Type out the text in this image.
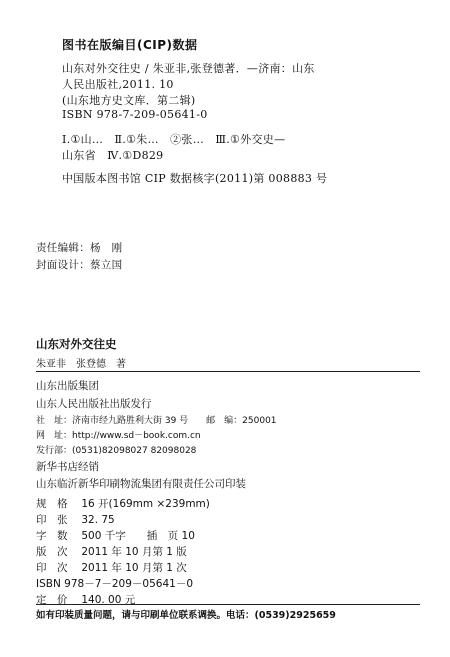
图书在版编目(CIP)数据
山东对外交往史 / 朱亚非,张登德著．—济南：山东
人民出版社,2011. 10
(山东地方史文库．第二辑)
ISBN 978-7-209-05641-0
Ⅰ.①山…　Ⅱ.①朱…　②张…　Ⅲ.①外交史—
山东省　Ⅳ.①D829
中国版本图书馆 CIP 数据核字(2011)第 008883 号
责任编辑：杨　刚
封面设计：蔡立国
山东对外交往史
朱亚非　张登德　著
山东出版集团
山东人民出版社出版发行
社　址：济南市经九路胜利大街 39 号　　邮　编：250001
网　址：http://www.sd－book.com.cn
发行部：(0531)82098027 82098028
新华书店经销
山东临沂新华印刷物流集团有限责任公司印装
规　格 16 开(169mm ×239mm)
印　张 32. 75
字　数 500 千字　　插　页 10
版　次 2011 年 10 月第 1 版
印　次 2011 年 10 月第 1 次
ISBN 978－7－209－05641－0
定　价 140. 00 元
如有印装质量问题，请与印刷单位联系调换。电话：(0539)2925659
